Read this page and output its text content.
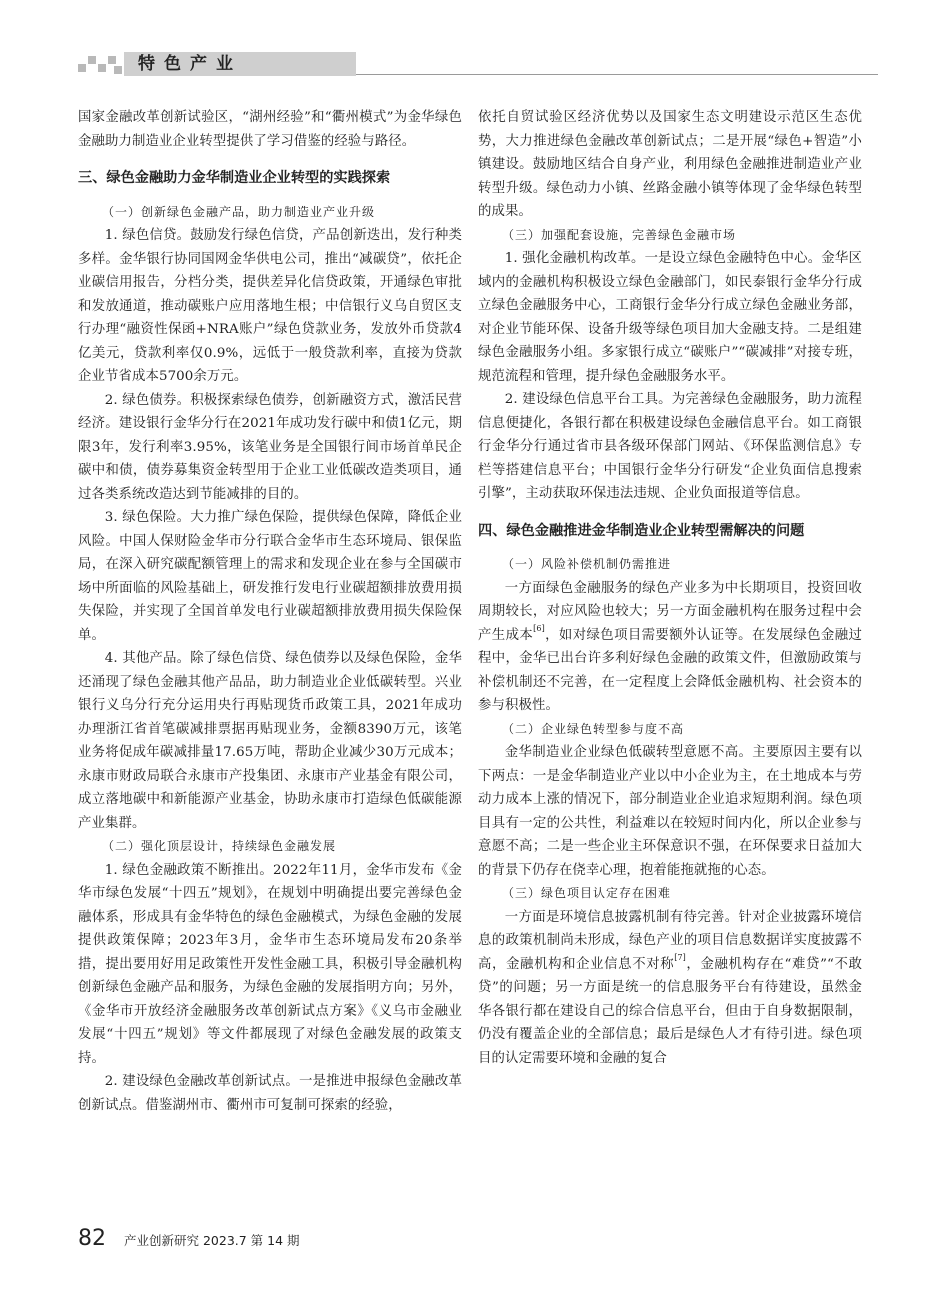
特色产业

国家金融改革创新试验区，“湖州经验”和“衢州模式”为金华绿色金融助力制造业企业转型提供了学习借鉴的经验与路径。

三、绿色金融助力金华制造业企业转型的实践探索
（一）创新绿色金融产品，助力制造业产业升级

1. 绿色信贷。鼓励发行绿色信贷，产品创新迭出，发行种类多样。金华银行协同国网金华供电公司，推出“减碳贷”，依托企业碳信用报告，分档分类，提供差异化信贷政策，开通绿色审批和发放通道，推动碳账户应用落地生根；中信银行义乌自贸区支行办理“融资性保函+NRA账户”绿色贷款业务，发放外币贷款4亿美元，贷款利率仅0.9%，远低于一般贷款利率，直接为贷款企业节省成本5700余万元。

2. 绿色债券。积极探索绿色债券，创新融资方式，激活民营经济。建设银行金华分行在2021年成功发行碳中和债1亿元，期限3年，发行利率3.95%，该笔业务是全国银行间市场首单民企碳中和债，债券募集资金转型用于企业工业低碳改造类项目，通过各类系统改造达到节能减排的目的。

3. 绿色保险。大力推广绿色保险，提供绿色保障，降低企业风险。中国人保财险金华市分行联合金华市生态环境局、银保监局，在深入研究碳配额管理上的需求和发现企业在参与全国碳市场中所面临的风险基础上，研发推行发电行业碳超额排放费用损失保险，并实现了全国首单发电行业碳超额排放费用损失保险保单。

4. 其他产品。除了绿色信贷、绿色债券以及绿色保险，金华还涌现了绿色金融其他产品品，助力制造业企业低碳转型。兴业银行义乌分行充分运用央行再贴现货币政策工具，2021年成功办理浙江省首笔碳减排票据再贴现业务，金额8390万元，该笔业务将促成年碳减排量17.65万吨，帮助企业减少30万元成本；永康市财政局联合永康市产投集团、永康市产业基金有限公司，成立落地碳中和新能源产业基金，协助永康市打造绿色低碳能源产业集群。

（二）强化顶层设计，持续绿色金融发展

1. 绿色金融政策不断推出。2022年11月，金华市发布《金华市绿色发展“十四五”规划》，在规划中明确提出要完善绿色金融体系，形成具有金华特色的绿色金融模式，为绿色金融的发展提供政策保障；2023年3月，金华市生态环境局发布20条举措，提出要用好用足政策性开发性金融工具，积极引导金融机构创新绿色金融产品和服务，为绿色金融的发展指明方向；另外，《金华市开放经济金融服务改革创新试点方案》《义乌市金融业发展“十四五”规划》等文件都展现了对绿色金融发展的政策支持。

2. 建设绿色金融改革创新试点。一是推进申报绿色金融改革创新试点。借鉴湖州市、衢州市可复制可探索的经验，

依托自贸试验区经济优势以及国家生态文明建设示范区生态优势，大力推进绿色金融改革创新试点；二是开展“绿色+智造”小镇建设。鼓励地区结合自身产业，利用绿色金融推进制造业产业转型升级。绿色动力小镇、丝路金融小镇等体现了金华绿色转型的成果。

（三）加强配套设施，完善绿色金融市场

1. 强化金融机构改革。一是设立绿色金融特色中心。金华区域内的金融机构积极设立绿色金融部门，如民泰银行金华分行成立绿色金融服务中心，工商银行金华分行成立绿色金融业务部，对企业节能环保、设备升级等绿色项目加大金融支持。二是组建绿色金融服务小组。多家银行成立“碳账户”“碳减排”对接专班，规范流程和管理，提升绿色金融服务水平。

2. 建设绿色信息平台工具。为完善绿色金融服务，助力流程信息便捷化，各银行都在积极建设绿色金融信息平台。如工商银行金华分行通过省市县各级环保部门网站、《环保监测信息》专栏等搭建信息平台；中国银行金华分行研发“企业负面信息搜索引擎”，主动获取环保违法违规、企业负面报道等信息。

四、绿色金融推进金华制造业企业转型需解决的问题
（一）风险补偿机制仍需推进

一方面绿色金融服务的绿色产业多为中长期项目，投资回收周期较长，对应风险也较大；另一方面金融机构在服务过程中会产生成本[6]，如对绿色项目需要额外认证等。在发展绿色金融过程中，金华已出台许多利好绿色金融的政策文件，但激励政策与补偿机制还不完善，在一定程度上会降低金融机构、社会资本的参与积极性。

（二）企业绿色转型参与度不高

金华制造业企业绿色低碳转型意愿不高。主要原因主要有以下两点：一是金华制造业产业以中小企业为主，在土地成本与劳动力成本上涨的情况下，部分制造业企业追求短期利润。绿色项目具有一定的公共性，利益难以在较短时间内化，所以企业参与意愿不高；二是一些企业主环保意识不强，在环保要求日益加大的背景下仍存在侥幸心理，抱着能拖就拖的心态。

（三）绿色项目认定存在困难

一方面是环境信息披露机制有待完善。针对企业披露环境信息的政策机制尚未形成，绿色产业的项目信息数据详实度披露不高，金融机构和企业信息不对称[7]，金融机构存在“难贷”“不敢贷”的问题；另一方面是统一的信息服务平台有待建设，虽然金华各银行都在建设自己的综合信息平台，但由于自身数据限制，仍没有覆盖企业的全部信息；最后是绿色人才有待引进。绿色项目的认定需要环境和金融的复合

82 产业创新研究 2023.7 第 14 期
